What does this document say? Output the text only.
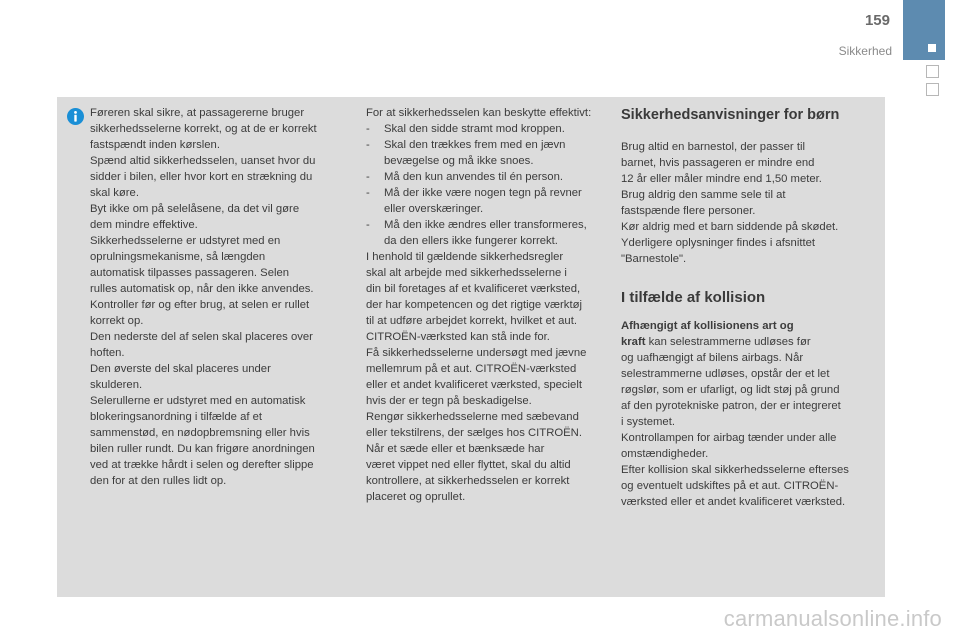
159
Sikkerhed

Føreren skal sikre, at passagererne bruger
sikkerhedsselerne korrekt, og at de er korrekt
fastspændt inden kørslen.
Spænd altid sikkerhedsselen, uanset hvor du
sidder i bilen, eller hvor kort en strækning du
skal køre.
Byt ikke om på selelåsene, da det vil gøre
dem mindre effektive.
Sikkerhedsselerne er udstyret med en
oprulningsmekanisme, så længden
automatisk tilpasses passageren. Selen
rulles automatisk op, når den ikke anvendes.
Kontroller før og efter brug, at selen er rullet
korrekt op.
Den nederste del af selen skal placeres over
hoften.
Den øverste del skal placeres under
skulderen.
Selerullerne er udstyret med en automatisk
blokeringsanordning i tilfælde af et
sammenstød, en nødopbremsning eller hvis
bilen ruller rundt. Du kan frigøre anordningen
ved at trække hårdt i selen og derefter slippe
den for at den rulles lidt op.

For at sikkerhedsselen kan beskytte effektivt:

- Skal den sidde stramt mod kroppen.
- Skal den trækkes frem med en jævn
bevægelse og må ikke snoes.
- Må den kun anvendes til én person.
- Må der ikke være nogen tegn på revner
eller overskæringer.
- Må den ikke ændres eller transformeres,
da den ellers ikke fungerer korrekt.

I henhold til gældende sikkerhedsregler
skal alt arbejde med sikkerhedsselerne i
din bil foretages af et kvalificeret værksted,
der har kompetencen og det rigtige værktøj
til at udføre arbejdet korrekt, hvilket et aut.
CITROËN-værksted kan stå inde for.
Få sikkerhedsselerne undersøgt med jævne
mellemrum på et aut. CITROËN-værksted
eller et andet kvalificeret værksted, specielt
hvis der er tegn på beskadigelse.
Rengør sikkerhedsselerne med sæbevand
eller tekstilrens, der sælges hos CITROËN.
Når et sæde eller et bænksæde har
været vippet ned eller flyttet, skal du altid
kontrollere, at sikkerhedsselen er korrekt
placeret og oprullet.

Sikkerhedsanvisninger for børn

Brug altid en barnestol, der passer til
barnet, hvis passageren er mindre end
12 år eller måler mindre end 1,50 meter.
Brug aldrig den samme sele til at
fastspænde flere personer.
Kør aldrig med et barn siddende på skødet.
Yderligere oplysninger findes i afsnittet
"Barnestole".

I tilfælde af kollision

Afhængigt af kollisionens art og
kraft kan selestrammerne udløses før
og uafhængigt af bilens airbags. Når
selestrammerne udløses, opstår der et let
røgslør, som er ufarligt, og lidt støj på grund
af den pyrotekniske patron, der er integreret
i systemet.
Kontrollampen for airbag tænder under alle
omstændigheder.
Efter kollision skal sikkerhedsselerne efterses
og eventuelt udskiftes på et aut. CITROËN-
værksted eller et andet kvalificeret værksted.

carmanualsonline.info
